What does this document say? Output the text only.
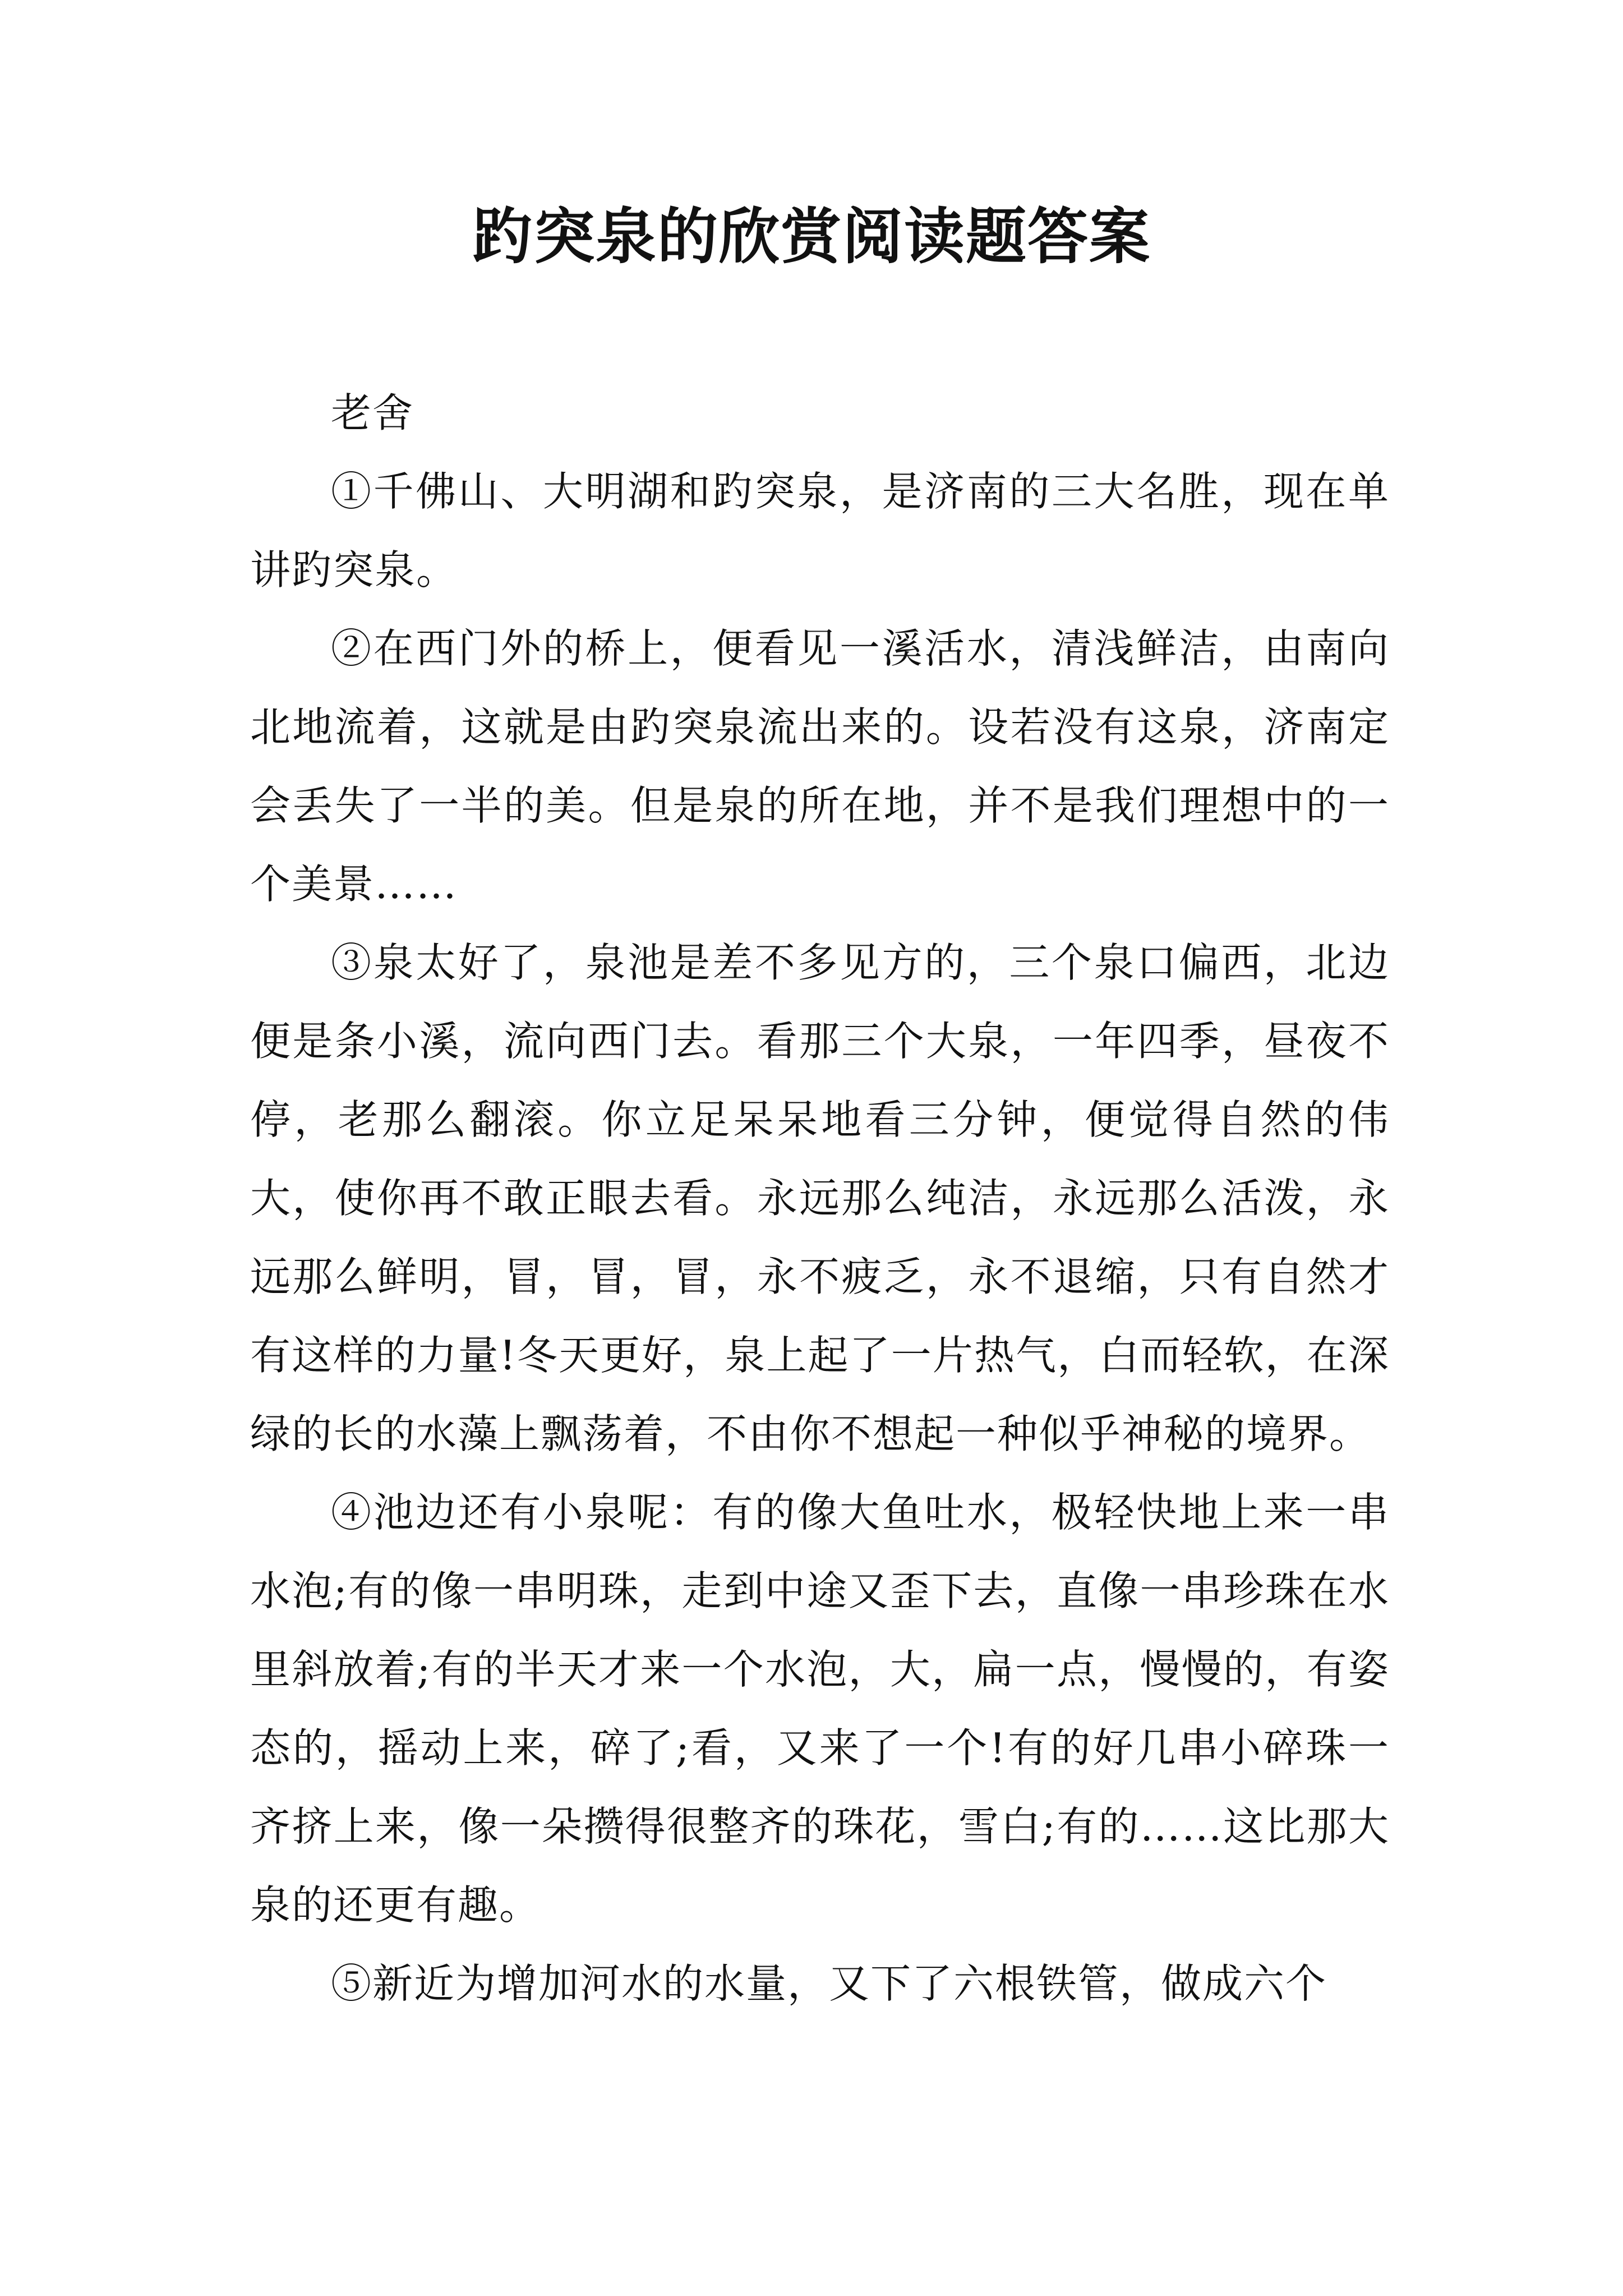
趵突泉的欣赏阅读题答案

老舍

①千佛山、大明湖和趵突泉，是济南的三大名胜，现在单讲趵突泉。

②在西门外的桥上，便看见一溪活水，清浅鲜洁，由南向北地流着，这就是由趵突泉流出来的。设若没有这泉，济南定会丢失了一半的美。但是泉的所在地，并不是我们理想中的一个美景……

③泉太好了，泉池是差不多见方的，三个泉口偏西，北边便是条小溪，流向西门去。看那三个大泉，一年四季，昼夜不停，老那么翻滚。你立足呆呆地看三分钟，便觉得自然的伟大，使你再不敢正眼去看。永远那么纯洁，永远那么活泼，永远那么鲜明，冒，冒，冒，永不疲乏，永不退缩，只有自然才有这样的力量!冬天更好，泉上起了一片热气，白而轻软，在深绿的长的水藻上飘荡着，不由你不想起一种似乎神秘的境界。

④池边还有小泉呢：有的像大鱼吐水，极轻快地上来一串水泡;有的像一串明珠，走到中途又歪下去，直像一串珍珠在水里斜放着;有的半天才来一个水泡，大，扁一点，慢慢的，有姿态的，摇动上来，碎了;看，又来了一个!有的好几串小碎珠一齐挤上来，像一朵攒得很整齐的珠花，雪白;有的……这比那大泉的还更有趣。

⑤新近为增加河水的水量，又下了六根铁管，做成六个
